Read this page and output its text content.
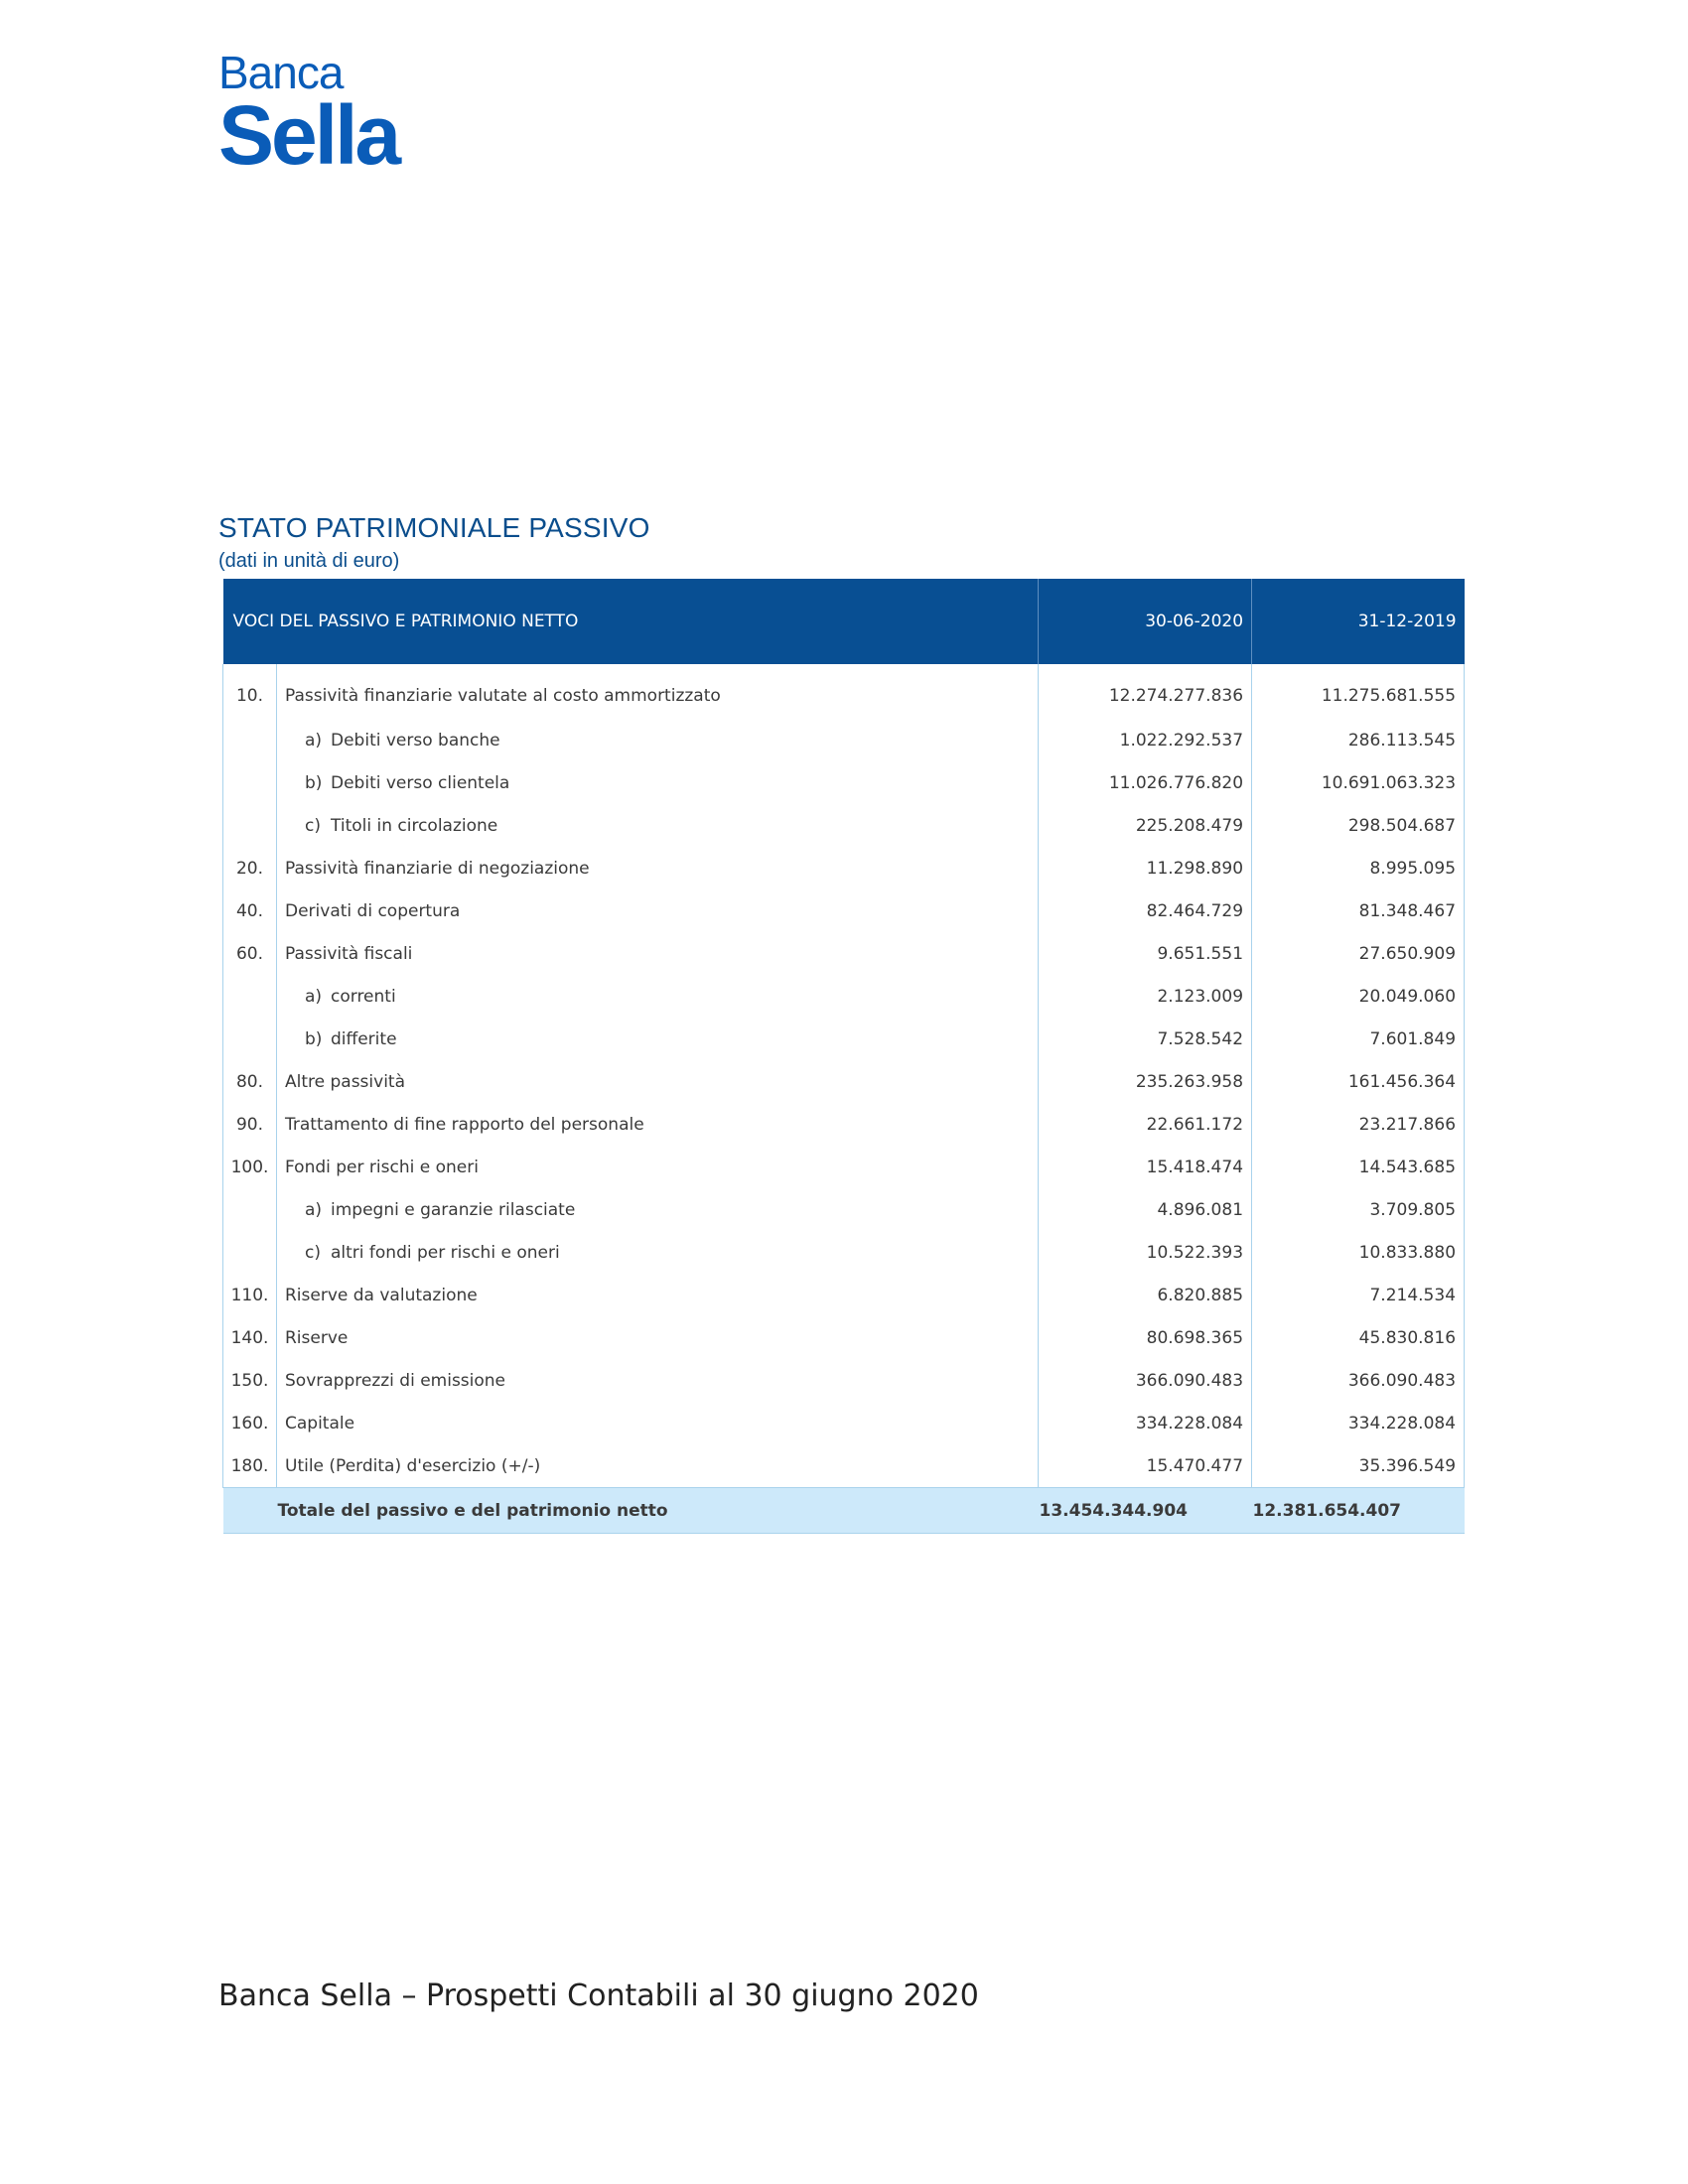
Banca
Sella
STATO PATRIMONIALE PASSIVO
(dati in unità di euro)
VOCI DEL PASSIVO E PATRIMONIO NETTO		30-06-2020	31-12-2019
10.	Passività finanziarie valutate al costo ammortizzato	12.274.277.836	11.275.681.555
	a) Debiti verso banche	1.022.292.537	286.113.545
	b) Debiti verso clientela	11.026.776.820	10.691.063.323
	c) Titoli in circolazione	225.208.479	298.504.687
20.	Passività finanziarie di negoziazione	11.298.890	8.995.095
40.	Derivati di copertura	82.464.729	81.348.467
60.	Passività fiscali	9.651.551	27.650.909
	a) correnti	2.123.009	20.049.060
	b) differite	7.528.542	7.601.849
80.	Altre passività	235.263.958	161.456.364
90.	Trattamento di fine rapporto del personale	22.661.172	23.217.866
100.	Fondi per rischi e oneri	15.418.474	14.543.685
	a) impegni e garanzie rilasciate	4.896.081	3.709.805
	c) altri fondi per rischi e oneri	10.522.393	10.833.880
110.	Riserve da valutazione	6.820.885	7.214.534
140.	Riserve	80.698.365	45.830.816
150.	Sovrapprezzi di emissione	366.090.483	366.090.483
160.	Capitale	334.228.084	334.228.084
180.	Utile (Perdita) d'esercizio (+/-)	15.470.477	35.396.549
	Totale del passivo e del patrimonio netto	13.454.344.904	12.381.654.407
Banca Sella – Prospetti Contabili al 30 giugno 2020
